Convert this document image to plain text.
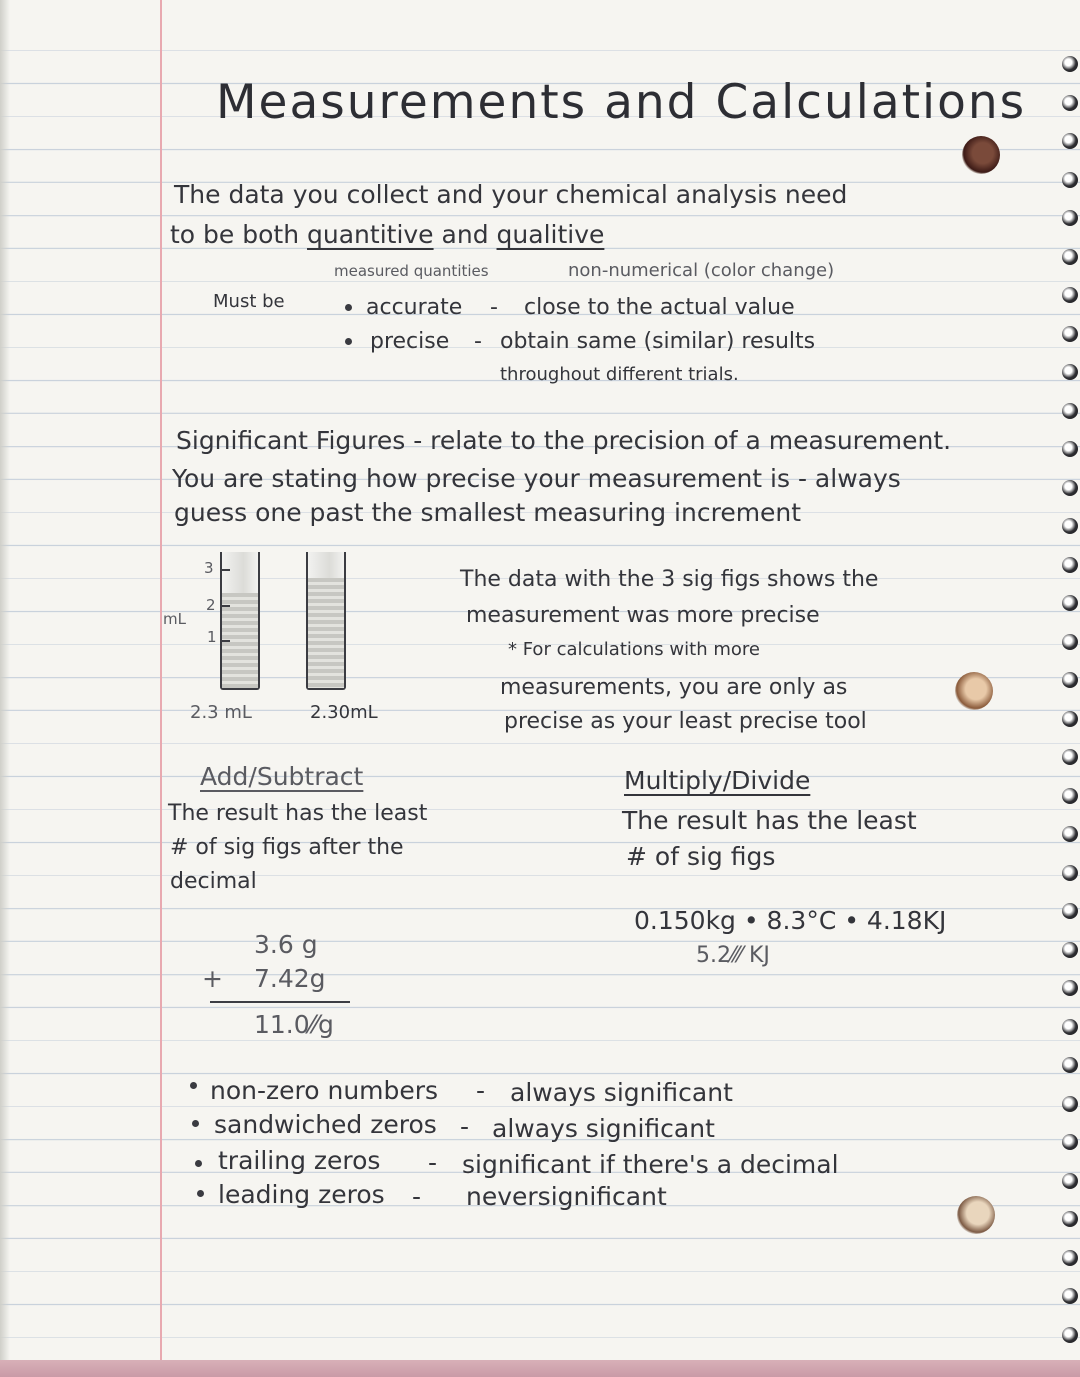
Measurements and Calculations
The data you collect and your chemical analysis need
to be both quantitive and qualitive
measured quantities	non-numerical (color change)
Must be	accurate - close to the actual value
precise - obtain same (similar) results
throughout different trials.
Significant Figures - relate to the precision of a measurement.
You are stating how precise your measurement is - always
guess one past the smallest measuring increment
mL
3
2
1
2.3 mL	2.30mL
The data with the 3 sig figs shows the
measurement was more precise
* For calculations with more
measurements, you are only as
precise as your least precise tool
Add/Subtract
The result has the least
# of sig figs after the
decimal
3.6 g
+ 7.42g
11.0⁄⁄g
Multiply/Divide
The result has the least
# of sig figs
0.150kg • 8.3°C • 4.18KJ
5.2⁄⁄⁄ KJ
non-zero numbers - always significant
sandwiched zeros - always significant
trailing zeros - significant if there's a decimal
leading zeros - neversignificant
